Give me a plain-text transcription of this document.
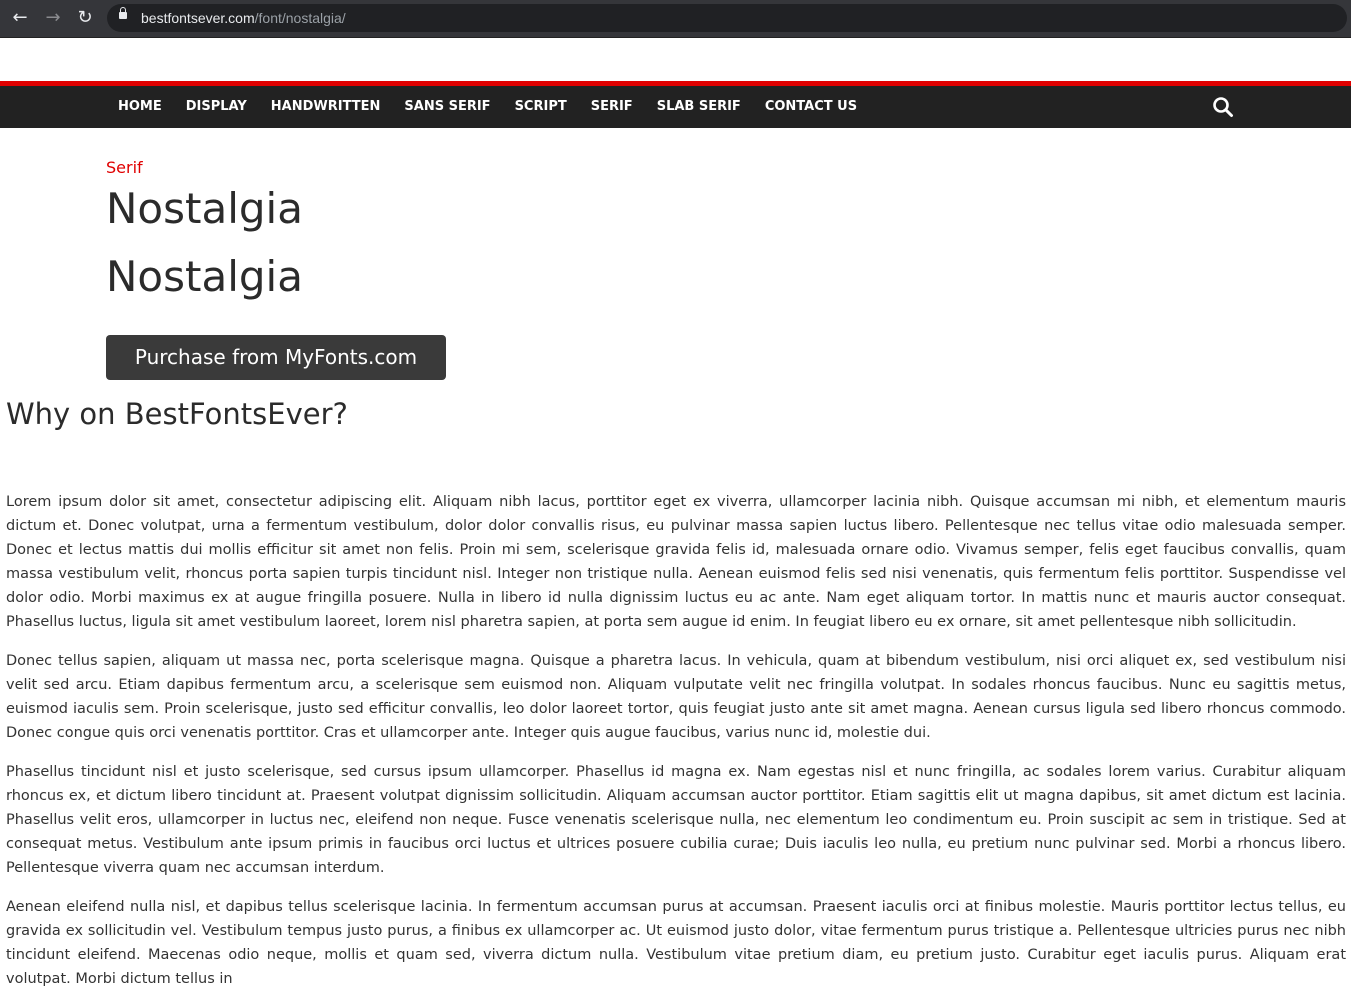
← → ↻	bestfontsever.com/font/nostalgia/
HOME DISPLAY HANDWRITTEN SANS SERIF SCRIPT SERIF SLAB SERIF CONTACT US
Serif
Nostalgia
Nostalgia
Purchase from MyFonts.com
Why on BestFontsEver?

Lorem ipsum dolor sit amet, consectetur adipiscing elit. Aliquam nibh lacus, porttitor eget ex viverra, ullamcorper lacinia nibh. Quisque accumsan mi nibh, et elementum mauris dictum et. Donec volutpat, urna a fermentum vestibulum, dolor dolor convallis risus, eu pulvinar massa sapien luctus libero. Pellentesque nec tellus vitae odio malesuada semper. Donec et lectus mattis dui mollis efficitur sit amet non felis. Proin mi sem, scelerisque gravida felis id, malesuada ornare odio. Vivamus semper, felis eget faucibus convallis, quam massa vestibulum velit, rhoncus porta sapien turpis tincidunt nisl. Integer non tristique nulla. Aenean euismod felis sed nisi venenatis, quis fermentum felis porttitor. Suspendisse vel dolor odio. Morbi maximus ex at augue fringilla posuere. Nulla in libero id nulla dignissim luctus eu ac ante. Nam eget aliquam tortor. In mattis nunc et mauris auctor consequat. Phasellus luctus, ligula sit amet vestibulum laoreet, lorem nisl pharetra sapien, at porta sem augue id enim. In feugiat libero eu ex ornare, sit amet pellentesque nibh sollicitudin.

Donec tellus sapien, aliquam ut massa nec, porta scelerisque magna. Quisque a pharetra lacus. In vehicula, quam at bibendum vestibulum, nisi orci aliquet ex, sed vestibulum nisi velit sed arcu. Etiam dapibus fermentum arcu, a scelerisque sem euismod non. Aliquam vulputate velit nec fringilla volutpat. In sodales rhoncus faucibus. Nunc eu sagittis metus, euismod iaculis sem. Proin scelerisque, justo sed efficitur convallis, leo dolor laoreet tortor, quis feugiat justo ante sit amet magna. Aenean cursus ligula sed libero rhoncus commodo. Donec congue quis orci venenatis porttitor. Cras et ullamcorper ante. Integer quis augue faucibus, varius nunc id, molestie dui.

Phasellus tincidunt nisl et justo scelerisque, sed cursus ipsum ullamcorper. Phasellus id magna ex. Nam egestas nisl et nunc fringilla, ac sodales lorem varius. Curabitur aliquam rhoncus ex, et dictum libero tincidunt at. Praesent volutpat dignissim sollicitudin. Aliquam accumsan auctor porttitor. Etiam sagittis elit ut magna dapibus, sit amet dictum est lacinia. Phasellus velit eros, ullamcorper in luctus nec, eleifend non neque. Fusce venenatis scelerisque nulla, nec elementum leo condimentum eu. Proin suscipit ac sem in tristique. Sed at consequat metus. Vestibulum ante ipsum primis in faucibus orci luctus et ultrices posuere cubilia curae; Duis iaculis leo nulla, eu pretium nunc pulvinar sed. Morbi a rhoncus libero. Pellentesque viverra quam nec accumsan interdum.

Aenean eleifend nulla nisl, et dapibus tellus scelerisque lacinia. In fermentum accumsan purus at accumsan. Praesent iaculis orci at finibus molestie. Mauris porttitor lectus tellus, eu gravida ex sollicitudin vel. Vestibulum tempus justo purus, a finibus ex ullamcorper ac. Ut euismod justo dolor, vitae fermentum purus tristique a. Pellentesque ultricies purus nec nibh tincidunt eleifend. Maecenas odio neque, mollis et quam sed, viverra dictum nulla. Vestibulum vitae pretium diam, eu pretium justo. Curabitur eget iaculis purus. Aliquam erat volutpat. Morbi dictum tellus in
